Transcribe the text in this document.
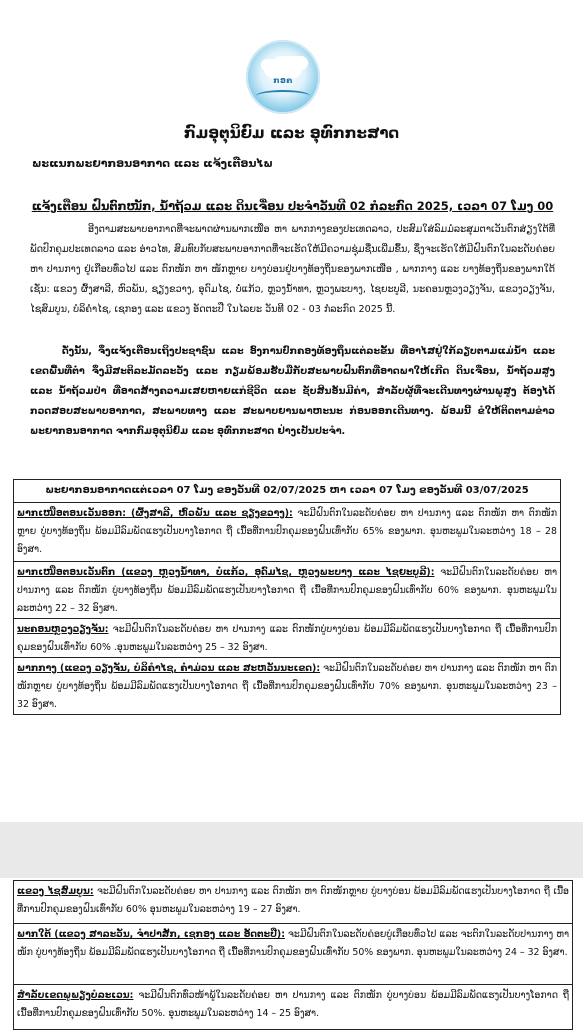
ກອຄ
ກົມອຸຕຸນິຍົມ ແລະ ອຸທົກກະສາດ
ພະແນກພະຍາກອນອາກາດ ແລະ ແຈ້ງເຕືອນໄພ
ແຈ້ງເຕືອນ ຝົນຕົກໜັກ, ນ້ຳຖ້ວມ ແລະ ດິນເຈື່ອນ ປະຈຳວັນທີ 02 ກໍລະກົດ 2025, ເວລາ 07 ໂມງ 00
ອີງຕາມສະພາບອາກາດທີ່ຈະພາດຜ່ານພາກເໜືອ ຫາ ພາກກາງຂອງປະເທດລາວ, ປະສົມໃສ່ລົມມໍລະສຸມຕາເວັນຕົກສ່ຽງໃຕ້ທີ່ພັດປົກຄຸມປະເທດລາວ ແລະ ອ່າວໄທ, ສົມທົບກັບສະພາບອາກາດທີ່ຈະເຮັດໃຫ້ມີຄວາມຊຸ່ມຊື່ນເພີ່ມຂຶ້ນ, ຊຶ່ງຈະເຮັດໃຫ້ມີຝົນຕົກໃນລະດັບຄ່ອຍ ຫາ ປານກາງ ຢູ່ເກືອບທົ່ວໄປ ແລະ ຕົກໜັກ ຫາ ໜັກຫຼາຍ ບາງບ່ອນຢູ່ບາງທ້ອງຖິ່ນຂອງພາກເໜືອ , ພາກກາງ ແລະ ບາງທ້ອງຖິ່ນຂອງພາກໃຕ້ ເຊັ່ນ: ແຂວງ ຜົ້ງສາລີ, ຫົວພັນ, ຊຽງຂວາງ, ອຸດົມໄຊ, ບໍ່ແກ້ວ, ຫຼວງນ້ຳທາ, ຫຼວງພະບາງ, ໄຊຍະບູລີ, ນະຄອນຫຼວງວຽງຈັນ, ແຂວງວຽງຈັນ, ໄຊສົມບູນ, ບໍລິຄຳໄຊ, ເຊກອງ ແລະ ແຂວງ ອັດຕະປື ໃນໄລຍະ ວັນທີ 02 - 03 ກໍລະກົດ 2025 ນີ້.
ດັ່ງນັ້ນ, ຈຶ່ງແຈ້ງເຕືອນເຖິງປະຊາຊົນ ແລະ ອົງການປົກຄອງທ້ອງຖິ່ນແຕ່ລະຂັ້ນ ທີ່ອາໄສຢູ່ໃກ້ລຽບຕາມແມ່ນ້ຳ ແລະ ເຂດພື້ນທີ່ຕ່ຳ ຈຶ່ງມີສະຕິລະມັດລະວັງ ແລະ ກຽມພ້ອມຮັບມືກັບສະພາບຝົນຕົກທີ່ອາດພາໃຫ້ເກີດ ດິນເຈື່ອນ, ນ້ຳຖ້ວມສູງ ແລະ ນ້ຳຖ້ວມປ່າ ທີ່ອາດສ້າງຄວາມເສຍຫາຍແກ່ຊີວິດ ແລະ ຊັບສິນອັນມີຄ່າ, ສຳລັບຜູ້ທີ່ຈະເດີນທາງຜ່ານພູສູງ ຕ້ອງໄດ້ກວດສອບສະພາບອາກາດ, ສະພາບທາງ ແລະ ສະພາບຍານພາຫະນະ ກ່ອນອອກເດີນທາງ. ພ້ອມນີ້ ຂໍໃຫ້ຕິດຕາມຂ່າວພະຍາກອນອາກາດ ຈາກກົມອຸຕຸນິຍົມ ແລະ ອຸທົກກະສາດ ຢ່າງເປັນປະຈຳ.
ພະຍາກອນອາກາດແຕ່ເວລາ 07 ໂມງ ຂອງວັນທີ 02/07/2025 ຫາ ເວລາ 07 ໂມງ ຂອງວັນທີ 03/07/2025
ພາກເໜືອຕອນເວັນອອກ: (ຜົ້ງສາລີ, ຫົວພັນ ແລະ ຊຽງຂວາງ): ຈະມີຝົນຕົກໃນລະດັບຄ່ອຍ ຫາ ປານກາງ ແລະ ຕົກໜັກ ຫາ ຕົກໜັກຫຼາຍ ບູ່ບາງທ້ອງຖິ່ນ ພ້ອມມີລົມພັດແຮງເປັນບາງໂອກາດ ຖື ເນື້ອທີ່ການປົກຄຸມຂອງຝົນເທົ່າກັບ 65% ຂອງພາກ. ອຸນຫະພູມໃນລະຫວ່າງ 18 – 28 ອົງສາ.
ພາກເໜືອຕອນເວັນຕົກ (ແຂວງ ຫຼວງນ້ຳທາ, ບໍ່ແກ້ວ, ອຸດົມໄຊ, ຫຼວງພະບາງ ແລະ ໄຊຍະບູລີ): ຈະມີຝົນຕົກໃນລະດັບຄ່ອຍ ຫາ ປານກາງ ແລະ ຕົກໜັກ ບູ່ບາງທ້ອງຖິ່ນ ພ້ອມມີລົມພັດແຮງເປັນບາງໂອກາດ ຖື ເນື້ອທີ່ການປົກຄຸມຂອງຝົນເທົ່າກັບ 60% ຂອງພາກ. ອຸນຫະພູມໃນລະຫວ່າງ 22 – 32 ອົງສາ.
ນະຄອນຫຼວງວຽງຈັນ: ຈະມີຝົນຕົກໃນລະດັບຄ່ອຍ ຫາ ປານກາງ ແລະ ຕົກໜັກບູ່ບາງບ່ອນ ພ້ອມມີລົມພັດແຮງເປັນບາງໂອກາດ ຖື ເນື້ອທີ່ການປົກຄຸມຂອງຝົນເທົ່າກັບ 60% .ອຸນຫະພູມໃນລະຫວ່າງ 25 – 32 ອົງສາ.
ພາກກາງ (ແຂວງ ວຽງຈັນ, ບໍລິຄຳໄຊ, ຄຳມ່ວນ ແລະ ສະຫວັນນະເຂດ): ຈະມີຝົນຕົກໃນລະດັບຄ່ອຍ ຫາ ປານກາງ ແລະ ຕົກໜັກ ຫາ ຕົກໜັກຫຼາຍ ບູ່ບາງທ້ອງຖິ່ນ ພ້ອມມີລົມພັດແຮງເປັນບາງໂອກາດ ຖື ເນື້ອທີ່ການປົກຄຸມຂອງຝົນເທົ່າກັບ 70% ຂອງພາກ. ອຸນຫະພູມໃນລະຫວ່າງ 23 – 32 ອົງສາ.
ແຂວງ ໄຊສົມບູນ: ຈະມີຝົນຕົກໃນລະດັບຄ່ອຍ ຫາ ປານກາງ ແລະ ຕົກໜັກ ຫາ ຕົກໜັກຫຼາຍ ບູ່ບາງບ່ອນ ພ້ອມມີລົມພັດແຮງເປັນບາງໂອກາດ ຖື ເນື້ອທີ່ການປົກຄຸມຂອງຝົນເທົ່າກັບ 60% ອຸນຫະພູມໃນລະຫວ່າງ 19 – 27 ອົງສາ.
ພາກໃຕ້ (ແຂວງ ສາລະວັນ, ຈຳປາສັກ, ເຊກອງ ແລະ ອັດຕະປື): ຈະມີຝົນຕົກໃນລະດັບຄ່ອຍບູ່ເກືອບທົ່ວໄປ ແລະ ຈະຕົກໃນລະດັບປານກາງ ຫາ ໜັກ ບູ່ບາງທ້ອງຖິ່ນ ພ້ອມມີລົມພັດແຮງເປັນບາງໂອກາດ ຖື ເນື້ອທີ່ການປົກຄຸມຂອງຝົນເທົ່າກັບ 50% ຂອງພາກ. ອຸນຫະພູມໃນລະຫວ່າງ 24 – 32 ອົງສາ.
ສຳລັບເຂດພູພຽງບໍລະເວນ: ຈະມີຝົນຕົກທົ່ວໜ້າພູ້ໃນລະດັບຄ່ອຍ ຫາ ປານກາງ ແລະ ຕົກໜັກ ບູ່ບາງບ່ອນ ພ້ອມມີລົມພັດແຮງເປັນບາງໂອກາດ ຖື ເນື້ອທີ່ການປົກຄຸມຂອງຝົນເທົ່າກັບ 50%. ອຸນຫະພູມໃນລະຫວ່າງ 14 – 25 ອົງສາ.
